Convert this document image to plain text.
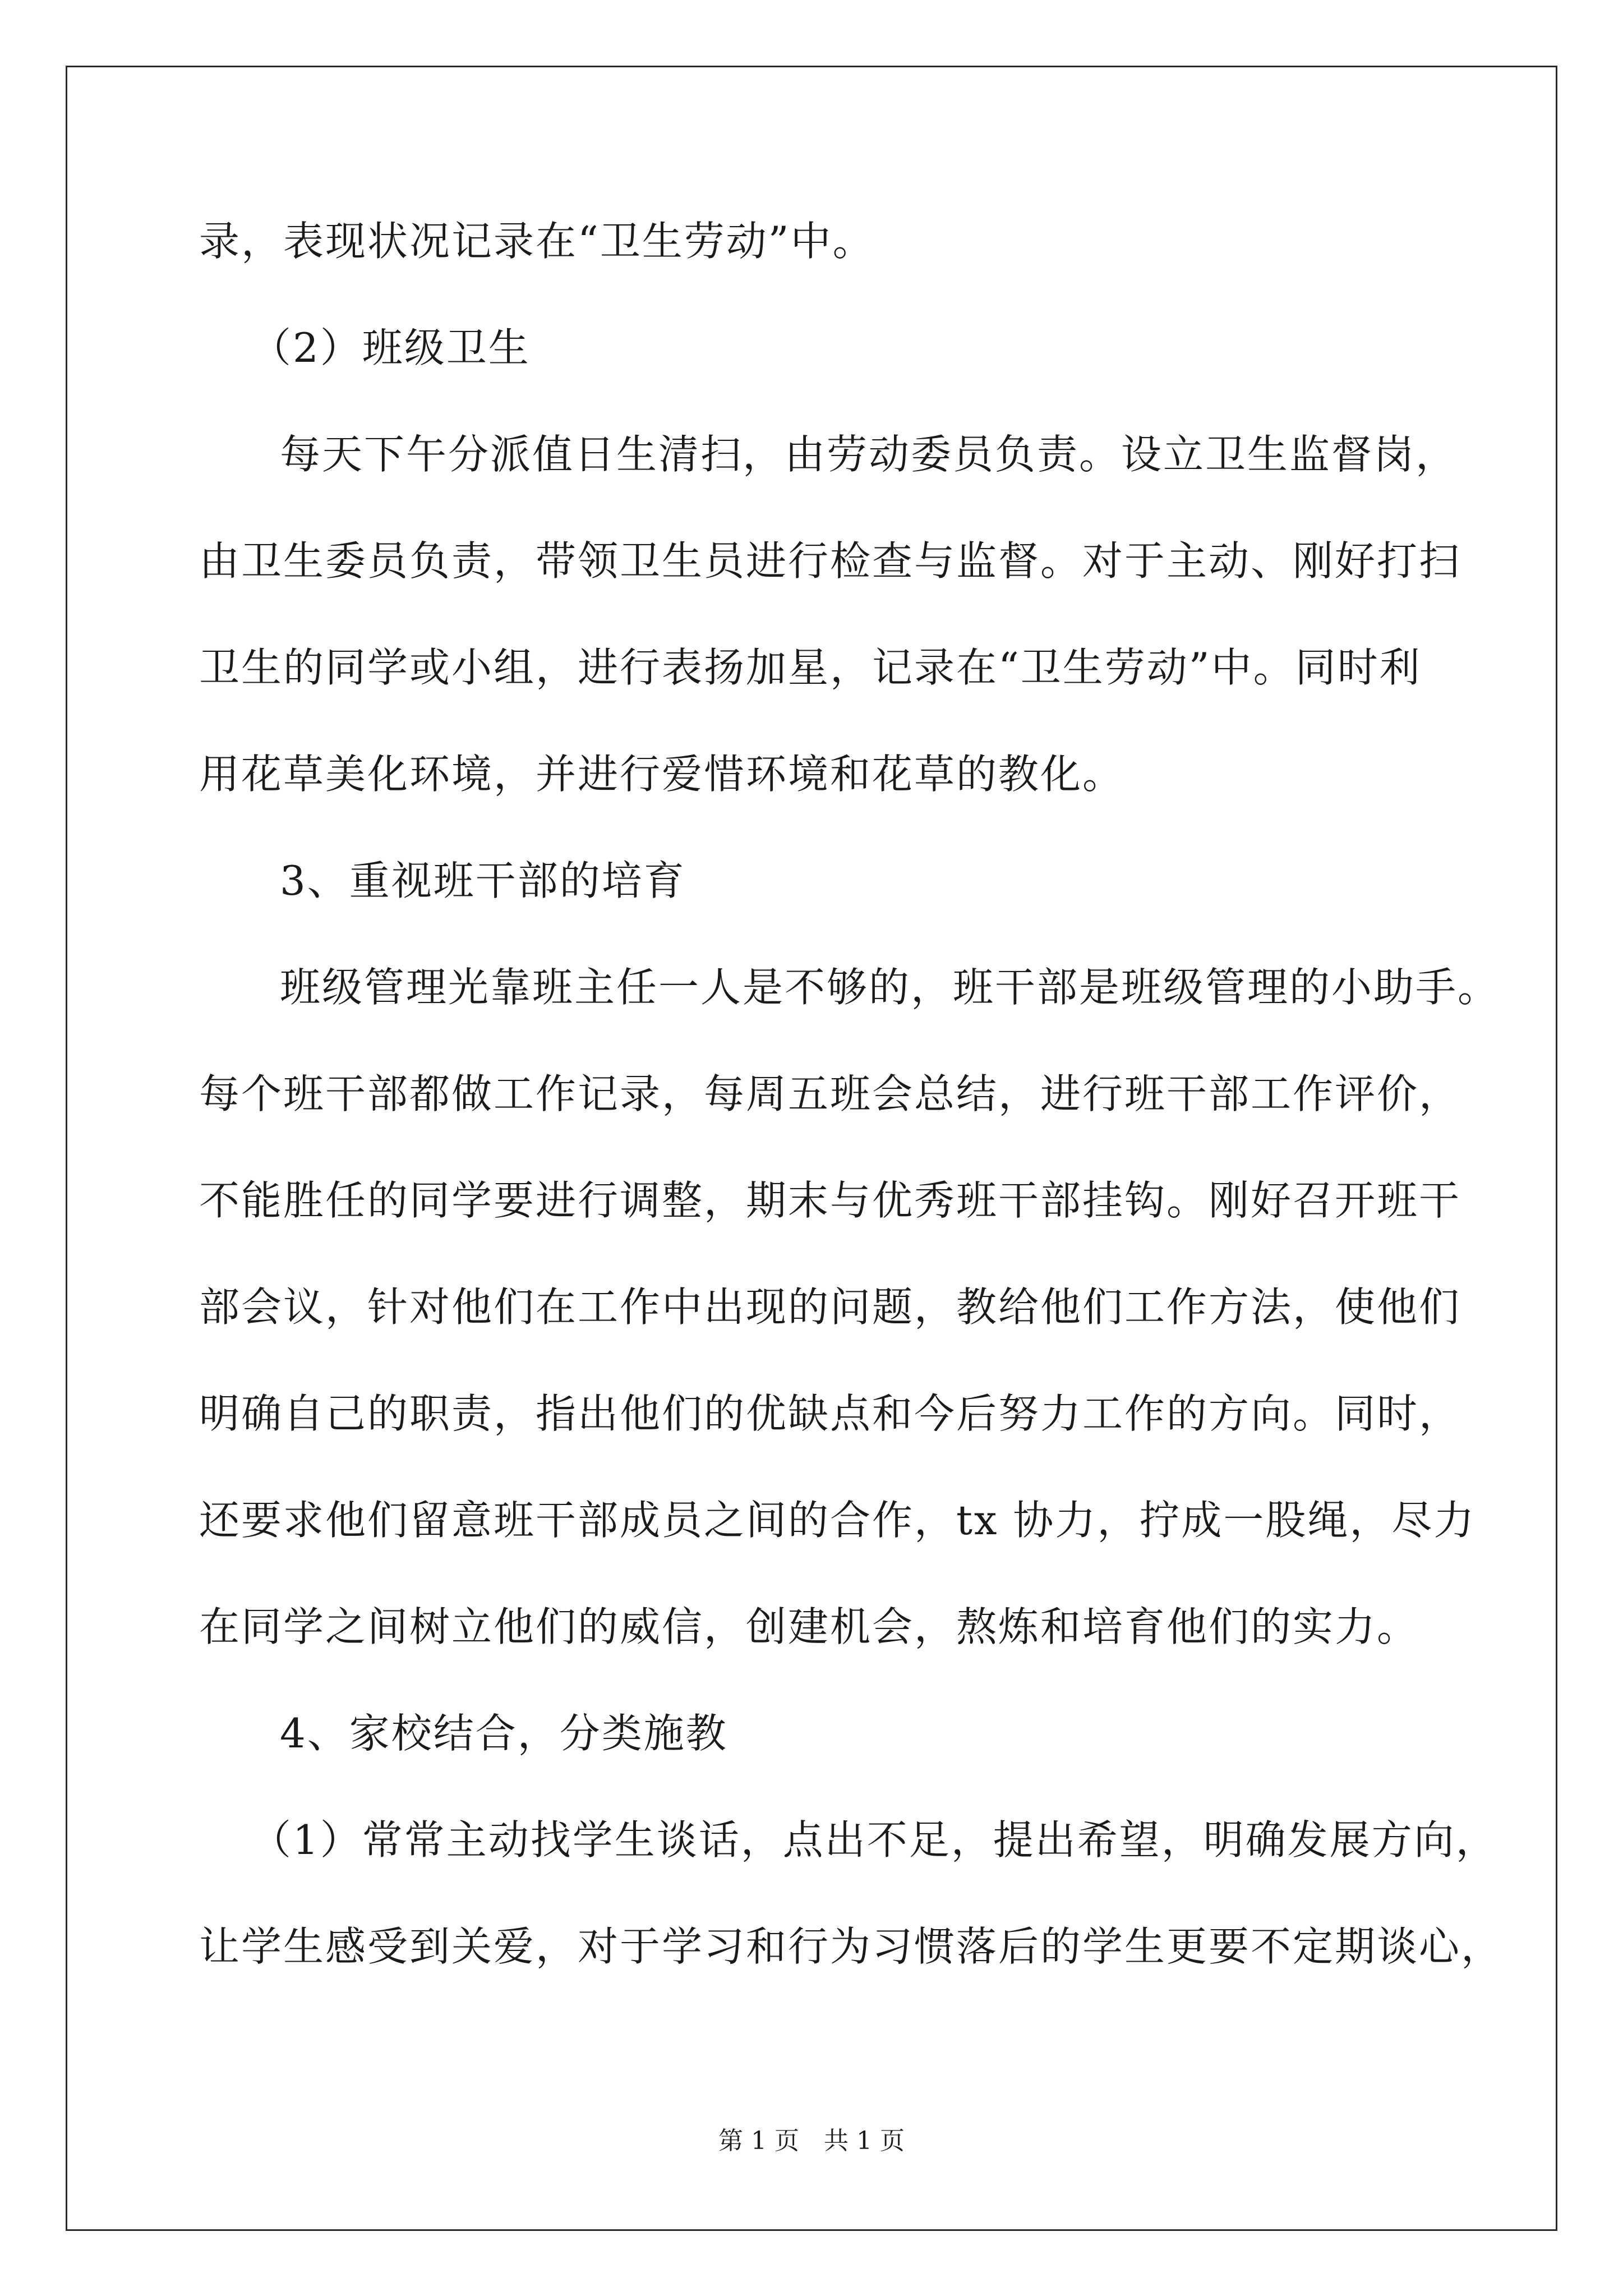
录，表现状况记录在“卫生劳动”中。
（2）班级卫生
每天下午分派值日生清扫，由劳动委员负责。设立卫生监督岗，
由卫生委员负责，带领卫生员进行检查与监督。对于主动、刚好打扫
卫生的同学或小组，进行表扬加星，记录在“卫生劳动”中。同时利
用花草美化环境，并进行爱惜环境和花草的教化。
3、重视班干部的培育
班级管理光靠班主任一人是不够的，班干部是班级管理的小助手。
每个班干部都做工作记录，每周五班会总结，进行班干部工作评价，
不能胜任的同学要进行调整，期末与优秀班干部挂钩。刚好召开班干
部会议，针对他们在工作中出现的问题，教给他们工作方法，使他们
明确自己的职责，指出他们的优缺点和今后努力工作的方向。同时，
还要求他们留意班干部成员之间的合作，tx 协力，拧成一股绳，尽力
在同学之间树立他们的威信，创建机会，熬炼和培育他们的实力。
4、家校结合，分类施教
（1）常常主动找学生谈话，点出不足，提出希望，明确发展方向，
让学生感受到关爱，对于学习和行为习惯落后的学生更要不定期谈心，
第 1 页　共 1 页
